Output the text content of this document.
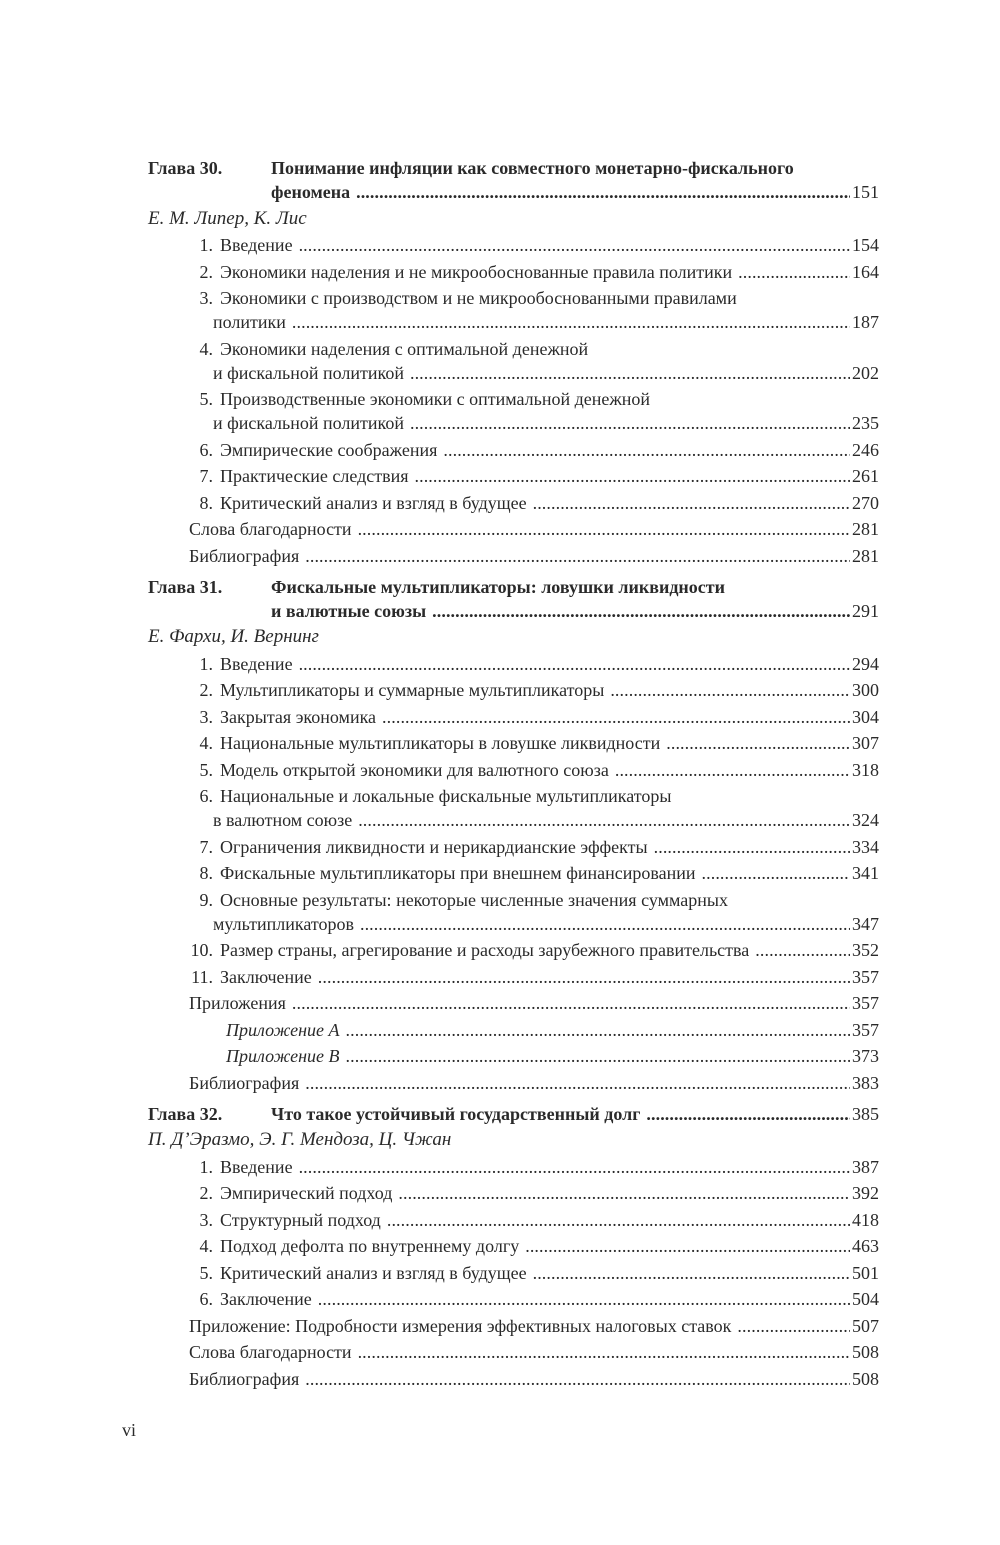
Глава 30.	Понимание инфляции как совместного монетарно-фискального
феномена . . .	151
Е. М. Липер, К. Лис
1. Введение . . .	154
2. Экономики наделения и не микрообоснованные правила политики . . .	164
3. Экономики с производством и не микрообоснованными правилами
политики . . .	187
4. Экономики наделения с оптимальной денежной
и фискальной политикой . . .	202
5. Производственные экономики с оптимальной денежной
и фискальной политикой . . .	235
6. Эмпирические соображения . . .	246
7. Практические следствия . . .	261
8. Критический анализ и взгляд в будущее . . .	270
Слова благодарности . . .	281
Библиография . . .	281
Глава 31.	Фискальные мультипликаторы: ловушки ликвидности
и валютные союзы . . .	291
Е. Фархи, И. Вернинг
1. Введение . . .	294
2. Мультипликаторы и суммарные мультипликаторы . . .	300
3. Закрытая экономика . . .	304
4. Национальные мультипликаторы в ловушке ликвидности . . .	307
5. Модель открытой экономики для валютного союза . . .	318
6. Национальные и локальные фискальные мультипликаторы
в валютном союзе . . .	324
7. Ограничения ликвидности и нерикардианские эффекты . . .	334
8. Фискальные мультипликаторы при внешнем финансировании . . .	341
9. Основные результаты: некоторые численные значения суммарных
мультипликаторов . . .	347
10. Размер страны, агрегирование и расходы зарубежного правительства . . .	352
11. Заключение . . .	357
Приложения . . .	357
Приложение A . . .	357
Приложение B . . .	373
Библиография . . .	383
Глава 32.	Что такое устойчивый государственный долг . . .	385
П. Д’Эразмо, Э. Г. Мендоза, Ц. Чжан
1. Введение . . .	387
2. Эмпирический подход . . .	392
3. Структурный подход . . .	418
4. Подход дефолта по внутреннему долгу . . .	463
5. Критический анализ и взгляд в будущее . . .	501
6. Заключение . . .	504
Приложение: Подробности измерения эффективных налоговых ставок . . .	507
Слова благодарности . . .	508
Библиография . . .	508
vi
